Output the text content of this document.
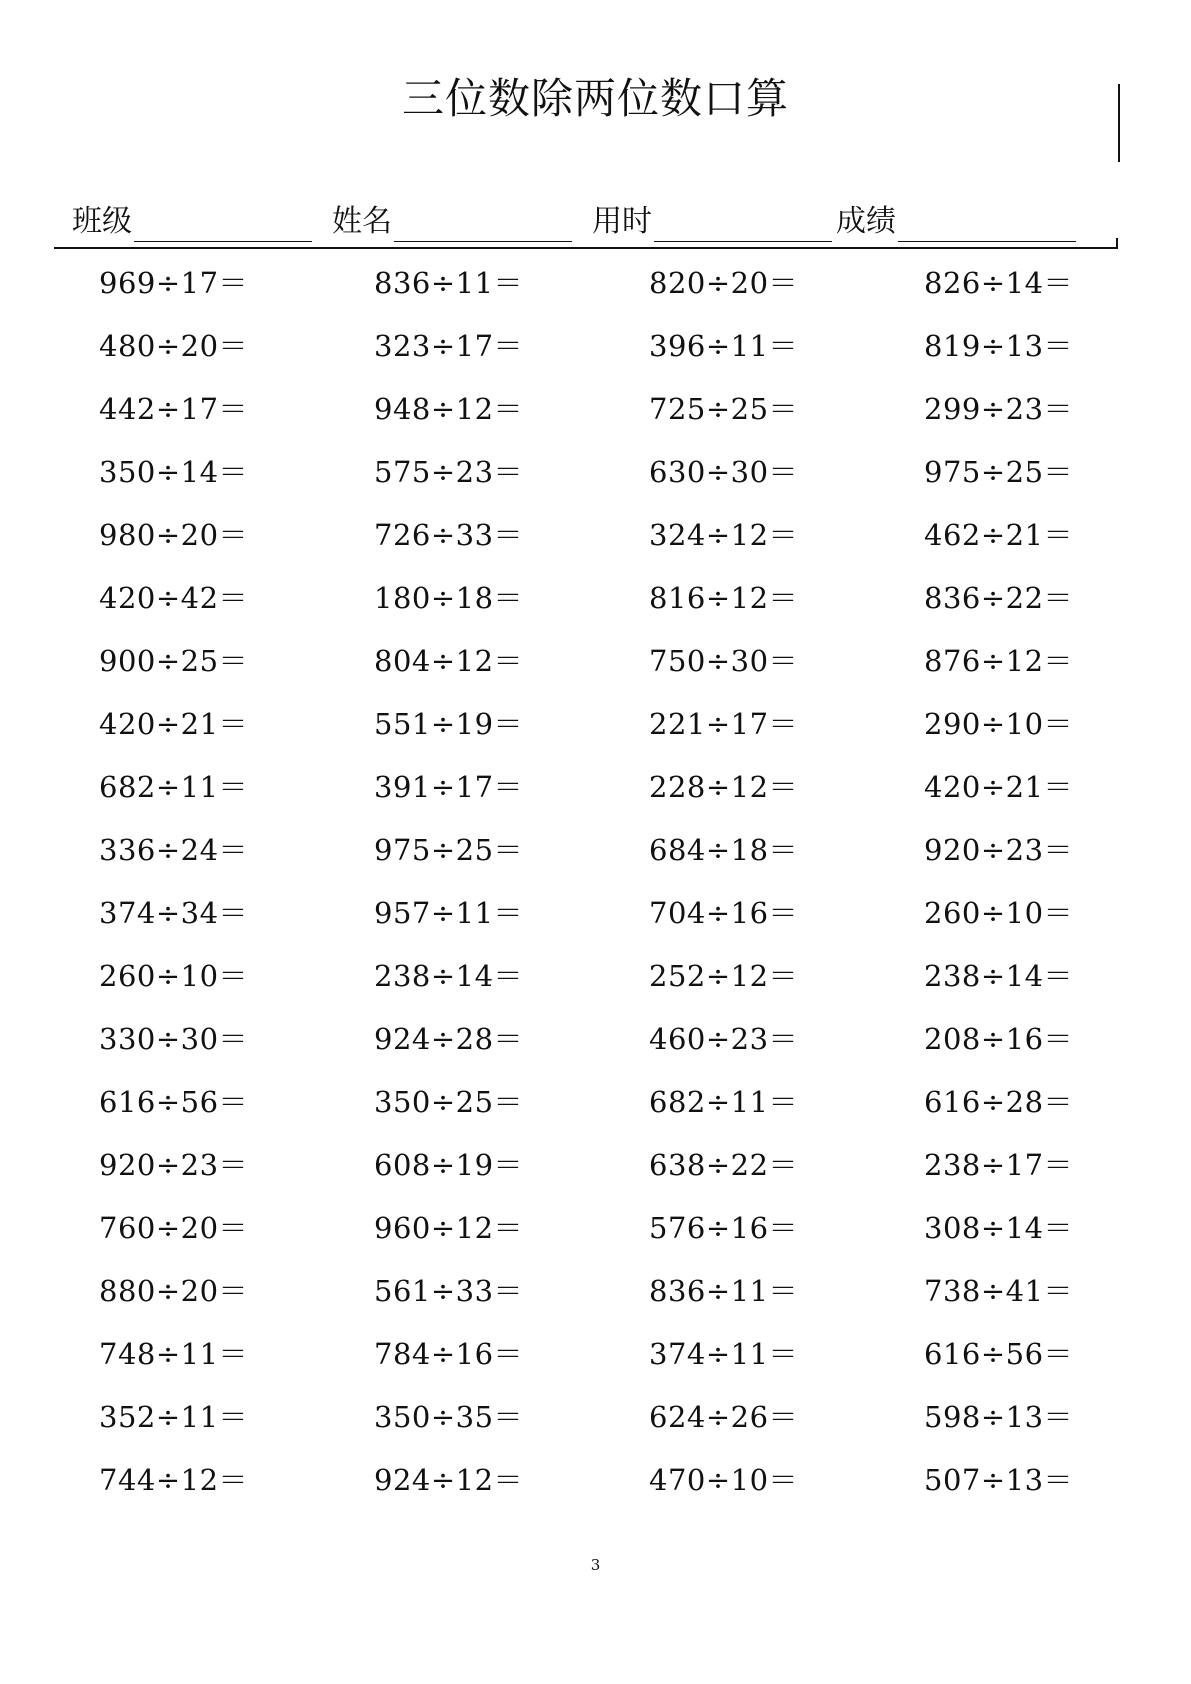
三位数除两位数口算
班级	姓名	用时	成绩
969÷17＝	836÷11＝	820÷20＝	826÷14＝
480÷20＝	323÷17＝	396÷11＝	819÷13＝
442÷17＝	948÷12＝	725÷25＝	299÷23＝
350÷14＝	575÷23＝	630÷30＝	975÷25＝
980÷20＝	726÷33＝	324÷12＝	462÷21＝
420÷42＝	180÷18＝	816÷12＝	836÷22＝
900÷25＝	804÷12＝	750÷30＝	876÷12＝
420÷21＝	551÷19＝	221÷17＝	290÷10＝
682÷11＝	391÷17＝	228÷12＝	420÷21＝
336÷24＝	975÷25＝	684÷18＝	920÷23＝
374÷34＝	957÷11＝	704÷16＝	260÷10＝
260÷10＝	238÷14＝	252÷12＝	238÷14＝
330÷30＝	924÷28＝	460÷23＝	208÷16＝
616÷56＝	350÷25＝	682÷11＝	616÷28＝
920÷23＝	608÷19＝	638÷22＝	238÷17＝
760÷20＝	960÷12＝	576÷16＝	308÷14＝
880÷20＝	561÷33＝	836÷11＝	738÷41＝
748÷11＝	784÷16＝	374÷11＝	616÷56＝
352÷11＝	350÷35＝	624÷26＝	598÷13＝
744÷12＝	924÷12＝	470÷10＝	507÷13＝
3
